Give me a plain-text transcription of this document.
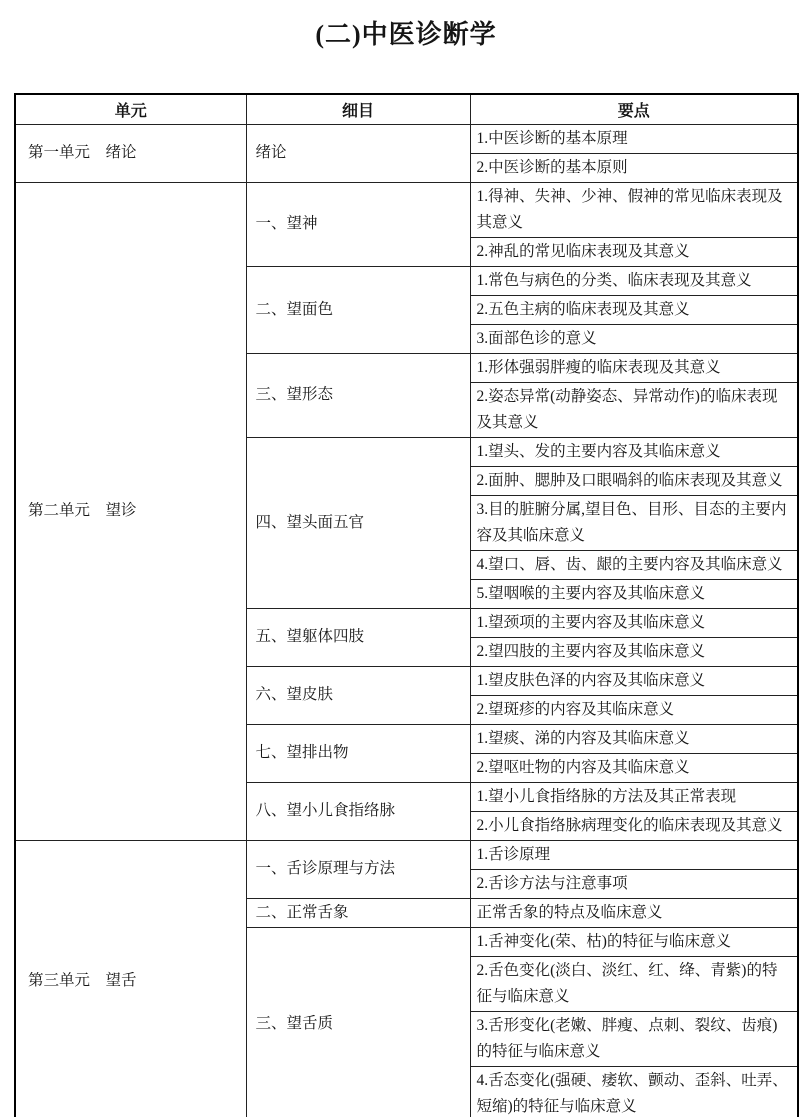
(二)中医诊断学
单元	细目	要点
第一单元　绪论	绪论	1.中医诊断的基本原理
		2.中医诊断的基本原则
第二单元　望诊	一、望神	1.得神、失神、少神、假神的常见临床表现及其意义
		2.神乱的常见临床表现及其意义
	二、望面色	1.常色与病色的分类、临床表现及其意义
		2.五色主病的临床表现及其意义
		3.面部色诊的意义
	三、望形态	1.形体强弱胖瘦的临床表现及其意义
		2.姿态异常(动静姿态、异常动作)的临床表现及其意义
	四、望头面五官	1.望头、发的主要内容及其临床意义
		2.面肿、腮肿及口眼喎斜的临床表现及其意义
		3.目的脏腑分属,望目色、目形、目态的主要内容及其临床意义
		4.望口、唇、齿、龈的主要内容及其临床意义
		5.望咽喉的主要内容及其临床意义
	五、望躯体四肢	1.望颈项的主要内容及其临床意义
		2.望四肢的主要内容及其临床意义
	六、望皮肤	1.望皮肤色泽的内容及其临床意义
		2.望斑疹的内容及其临床意义
	七、望排出物	1.望痰、涕的内容及其临床意义
		2.望呕吐物的内容及其临床意义
	八、望小儿食指络脉	1.望小儿食指络脉的方法及其正常表现
		2.小儿食指络脉病理变化的临床表现及其意义
第三单元　望舌	一、舌诊原理与方法	1.舌诊原理
		2.舌诊方法与注意事项
	二、正常舌象	正常舌象的特点及临床意义
	三、望舌质	1.舌神变化(荣、枯)的特征与临床意义
		2.舌色变化(淡白、淡红、红、绛、青紫)的特征与临床意义
		3.舌形变化(老嫩、胖瘦、点刺、裂纹、齿痕)的特征与临床意义
		4.舌态变化(强硬、痿软、颤动、歪斜、吐弄、短缩)的特征与临床意义
